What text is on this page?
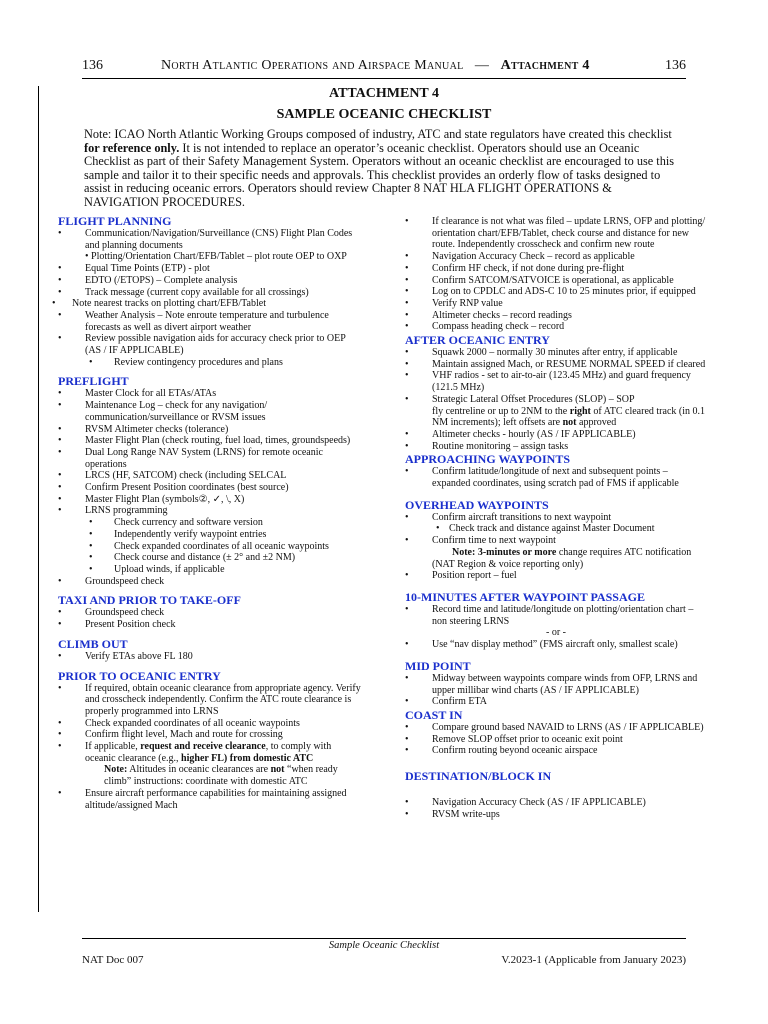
136	North Atlantic Operations and Airspace Manual — Attachment 4	136
ATTACHMENT 4
SAMPLE OCEANIC CHECKLIST
Note: ICAO North Atlantic Working Groups composed of industry, ATC and state regulators have created this checklist for reference only. It is not intended to replace an operator’s oceanic checklist. Operators should use an Oceanic Checklist as part of their Safety Management System. Operators without an oceanic checklist are encouraged to use this sample and tailor it to their specific needs and approvals. This checklist provides an orderly flow of tasks designed to assist in reducing oceanic errors. Operators should review Chapter 8 NAT HLA FLIGHT OPERATIONS & NAVIGATION PROCEDURES.
FLIGHT PLANNING
• Communication/Navigation/Surveillance (CNS) Flight Plan Codes and planning documents
• Plotting/Orientation Chart/EFB/Tablet – plot route OEP to OXP
• Equal Time Points (ETP) - plot
• EDTO (/ETOPS) – Complete analysis
• Track message (current copy available for all crossings)
• Note nearest tracks on plotting chart/EFB/Tablet
• Weather Analysis – Note enroute temperature and turbulence forecasts as well as divert airport weather
• Review possible navigation aids for accuracy check prior to OEP (AS / IF APPLICABLE)
• Review contingency procedures and plans
PREFLIGHT
• Master Clock for all ETAs/ATAs
• Maintenance Log – check for any navigation/ communication/surveillance or RVSM issues
• RVSM Altimeter checks (tolerance)
• Master Flight Plan (check routing, fuel load, times, groundspeeds)
• Dual Long Range NAV System (LRNS) for remote oceanic operations
• LRCS (HF, SATCOM) check (including SELCAL
• Confirm Present Position coordinates (best source)
• Master Flight Plan (symbols②, ✓, \, X)
• LRNS programming
• Check currency and software version
• Independently verify waypoint entries
• Check expanded coordinates of all oceanic waypoints
• Check course and distance (± 2° and ±2 NM)
• Upload winds, if applicable
• Groundspeed check
TAXI AND PRIOR TO TAKE-OFF
• Groundspeed check
• Present Position check
CLIMB OUT
• Verify ETAs above FL 180
PRIOR TO OCEANIC ENTRY
• If required, obtain oceanic clearance from appropriate agency. Verify and crosscheck independently. Confirm the ATC route clearance is properly programmed into LRNS
• Check expanded coordinates of all oceanic waypoints
• Confirm flight level, Mach and route for crossing
• If applicable, request and receive clearance, to comply with oceanic clearance (e.g., higher FL) from domestic ATC
Note: Altitudes in oceanic clearances are not “when ready climb” instructions: coordinate with domestic ATC
• Ensure aircraft performance capabilities for maintaining assigned altitude/assigned Mach
• If clearance is not what was filed – update LRNS, OFP and plotting/ orientation chart/EFB/Tablet, check course and distance for new route. Independently crosscheck and confirm new route
• Navigation Accuracy Check – record as applicable
• Confirm HF check, if not done during pre-flight
• Confirm SATCOM/SATVOICE is operational, as applicable
• Log on to CPDLC and ADS-C 10 to 25 minutes prior, if equipped
• Verify RNP value
• Altimeter checks – record readings
• Compass heading check – record
AFTER OCEANIC ENTRY
• Squawk 2000 – normally 30 minutes after entry, if applicable
• Maintain assigned Mach, or RESUME NORMAL SPEED if cleared
• VHF radios - set to air-to-air (123.45 MHz) and guard frequency (121.5 MHz)
• Strategic Lateral Offset Procedures (SLOP) – SOP
fly centreline or up to 2NM to the right of ATC cleared track (in 0.1 NM increments); left offsets are not approved
• Altimeter checks - hourly (AS / IF APPLICABLE)
• Routine monitoring – assign tasks
APPROACHING WAYPOINTS
• Confirm latitude/longitude of next and subsequent points – expanded coordinates, using scratch pad of FMS if applicable
OVERHEAD WAYPOINTS
• Confirm aircraft transitions to next waypoint
• Check track and distance against Master Document
• Confirm time to next waypoint
Note: 3-minutes or more change requires ATC notification (NAT Region & voice reporting only)
• Position report – fuel
10-MINUTES AFTER WAYPOINT PASSAGE
• Record time and latitude/longitude on plotting/orientation chart – non steering LRNS
- or -
• Use “nav display method” (FMS aircraft only, smallest scale)
MID POINT
• Midway between waypoints compare winds from OFP, LRNS and upper millibar wind charts (AS / IF APPLICABLE)
• Confirm ETA
COAST IN
• Compare ground based NAVAID to LRNS (AS / IF APPLICABLE)
• Remove SLOP offset prior to oceanic exit point
• Confirm routing beyond oceanic airspace
DESTINATION/BLOCK IN
• Navigation Accuracy Check (AS / IF APPLICABLE)
• RVSM write-ups
Sample Oceanic Checklist
NAT Doc 007	V.2023-1 (Applicable from January 2023)
